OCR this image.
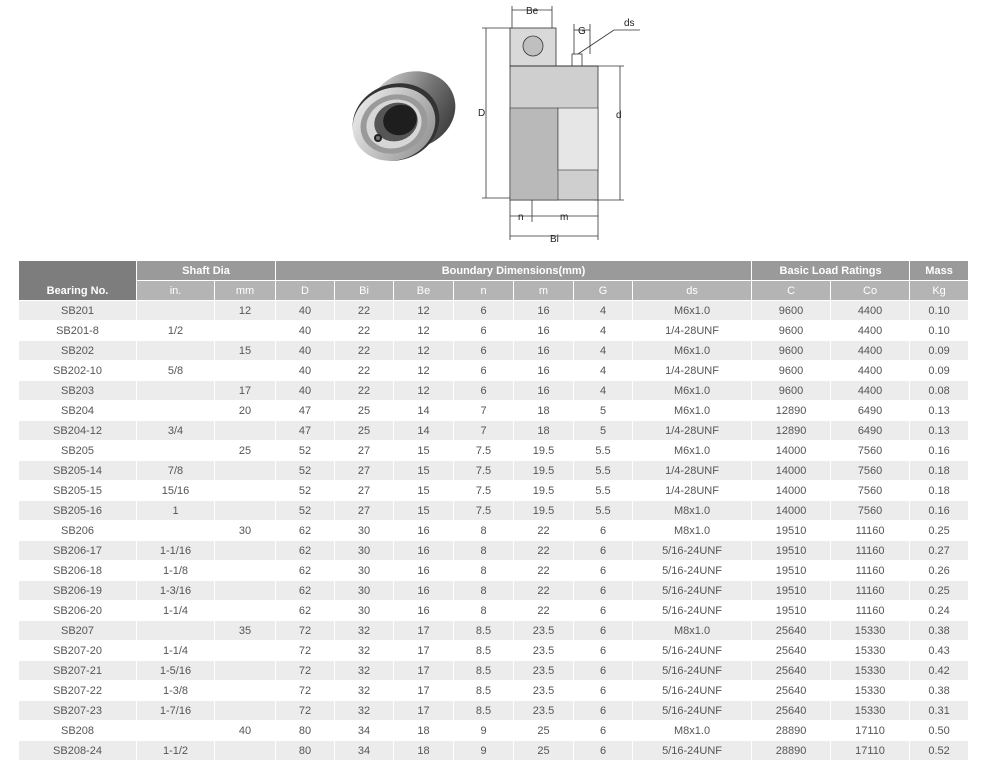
Be
G
ds
D	d
n	m
Bi
Bearing No.	Shaft Dia		Boundary Dimensions(mm)							Basic Load Ratings		Mass
	in.	mm	D	Bi	Be	n	m	G	ds	C	Co	Kg
SB201		12	40	22	12	6	16	4	M6x1.0	9600	4400	0.10
SB201-8	1/2		40	22	12	6	16	4	1/4-28UNF	9600	4400	0.10
SB202		15	40	22	12	6	16	4	M6x1.0	9600	4400	0.09
SB202-10	5/8		40	22	12	6	16	4	1/4-28UNF	9600	4400	0.09
SB203		17	40	22	12	6	16	4	M6x1.0	9600	4400	0.08
SB204		20	47	25	14	7	18	5	M6x1.0	12890	6490	0.13
SB204-12	3/4		47	25	14	7	18	5	1/4-28UNF	12890	6490	0.13
SB205		25	52	27	15	7.5	19.5	5.5	M6x1.0	14000	7560	0.16
SB205-14	7/8		52	27	15	7.5	19.5	5.5	1/4-28UNF	14000	7560	0.18
SB205-15	15/16		52	27	15	7.5	19.5	5.5	1/4-28UNF	14000	7560	0.18
SB205-16	1		52	27	15	7.5	19.5	5.5	M8x1.0	14000	7560	0.16
SB206		30	62	30	16	8	22	6	M8x1.0	19510	11160	0.25
SB206-17	1-1/16		62	30	16	8	22	6	5/16-24UNF	19510	11160	0.27
SB206-18	1-1/8		62	30	16	8	22	6	5/16-24UNF	19510	11160	0.26
SB206-19	1-3/16		62	30	16	8	22	6	5/16-24UNF	19510	11160	0.25
SB206-20	1-1/4		62	30	16	8	22	6	5/16-24UNF	19510	11160	0.24
SB207		35	72	32	17	8.5	23.5	6	M8x1.0	25640	15330	0.38
SB207-20	1-1/4		72	32	17	8.5	23.5	6	5/16-24UNF	25640	15330	0.43
SB207-21	1-5/16		72	32	17	8.5	23.5	6	5/16-24UNF	25640	15330	0.42
SB207-22	1-3/8		72	32	17	8.5	23.5	6	5/16-24UNF	25640	15330	0.38
SB207-23	1-7/16		72	32	17	8.5	23.5	6	5/16-24UNF	25640	15330	0.31
SB208		40	80	34	18	9	25	6	M8x1.0	28890	17110	0.50
SB208-24	1-1/2		80	34	18	9	25	6	5/16-24UNF	28890	17110	0.52
